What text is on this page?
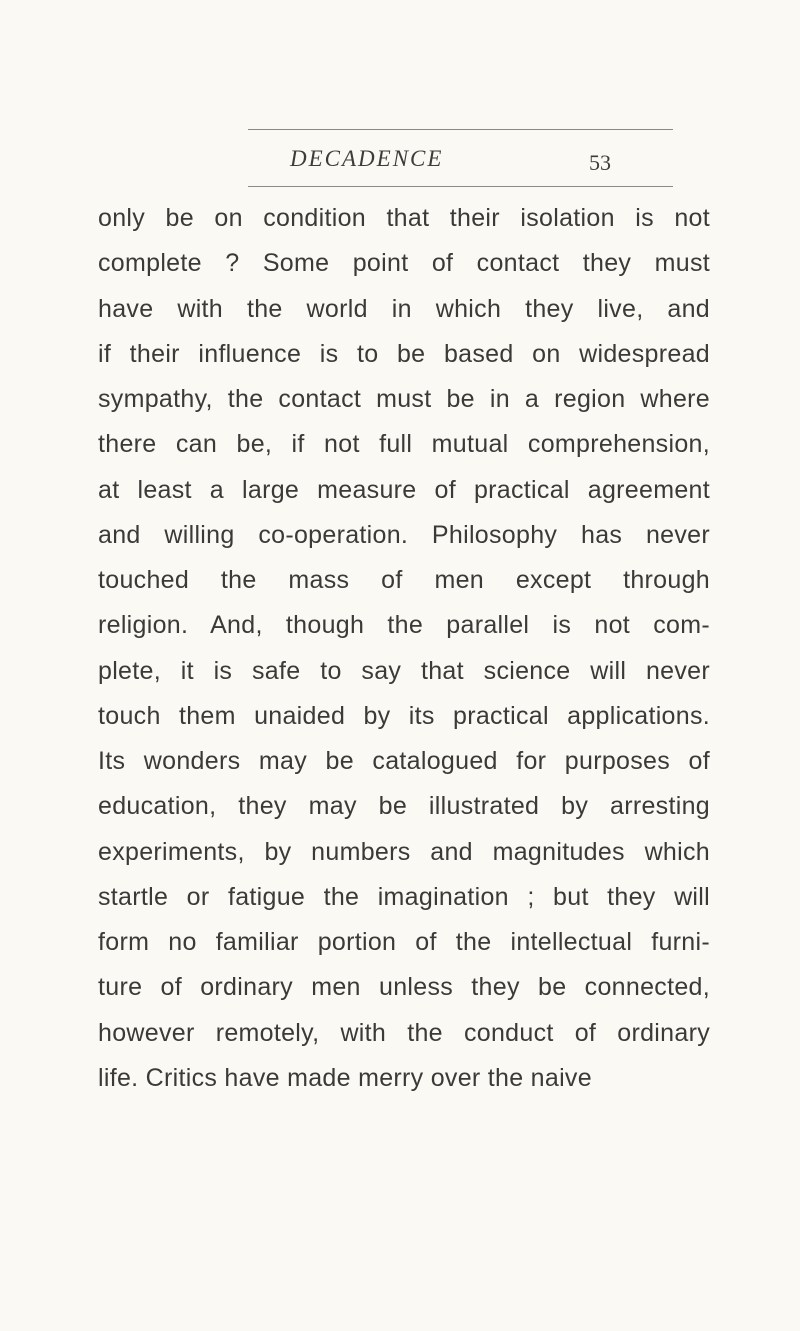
DECADENCE	53
only be on condition that their isolation is not
complete ? Some point of contact they must
have with the world in which they live, and
if their influence is to be based on widespread
sympathy, the contact must be in a region where
there can be, if not full mutual comprehension,
at least a large measure of practical agreement
and willing co-operation. Philosophy has never
touched the mass of men except through
religion. And, though the parallel is not com-
plete, it is safe to say that science will never
touch them unaided by its practical applications.
Its wonders may be catalogued for purposes of
education, they may be illustrated by arresting
experiments, by numbers and magnitudes which
startle or fatigue the imagination ; but they will
form no familiar portion of the intellectual furni-
ture of ordinary men unless they be connected,
however remotely, with the conduct of ordinary
life. Critics have made merry over the naive
